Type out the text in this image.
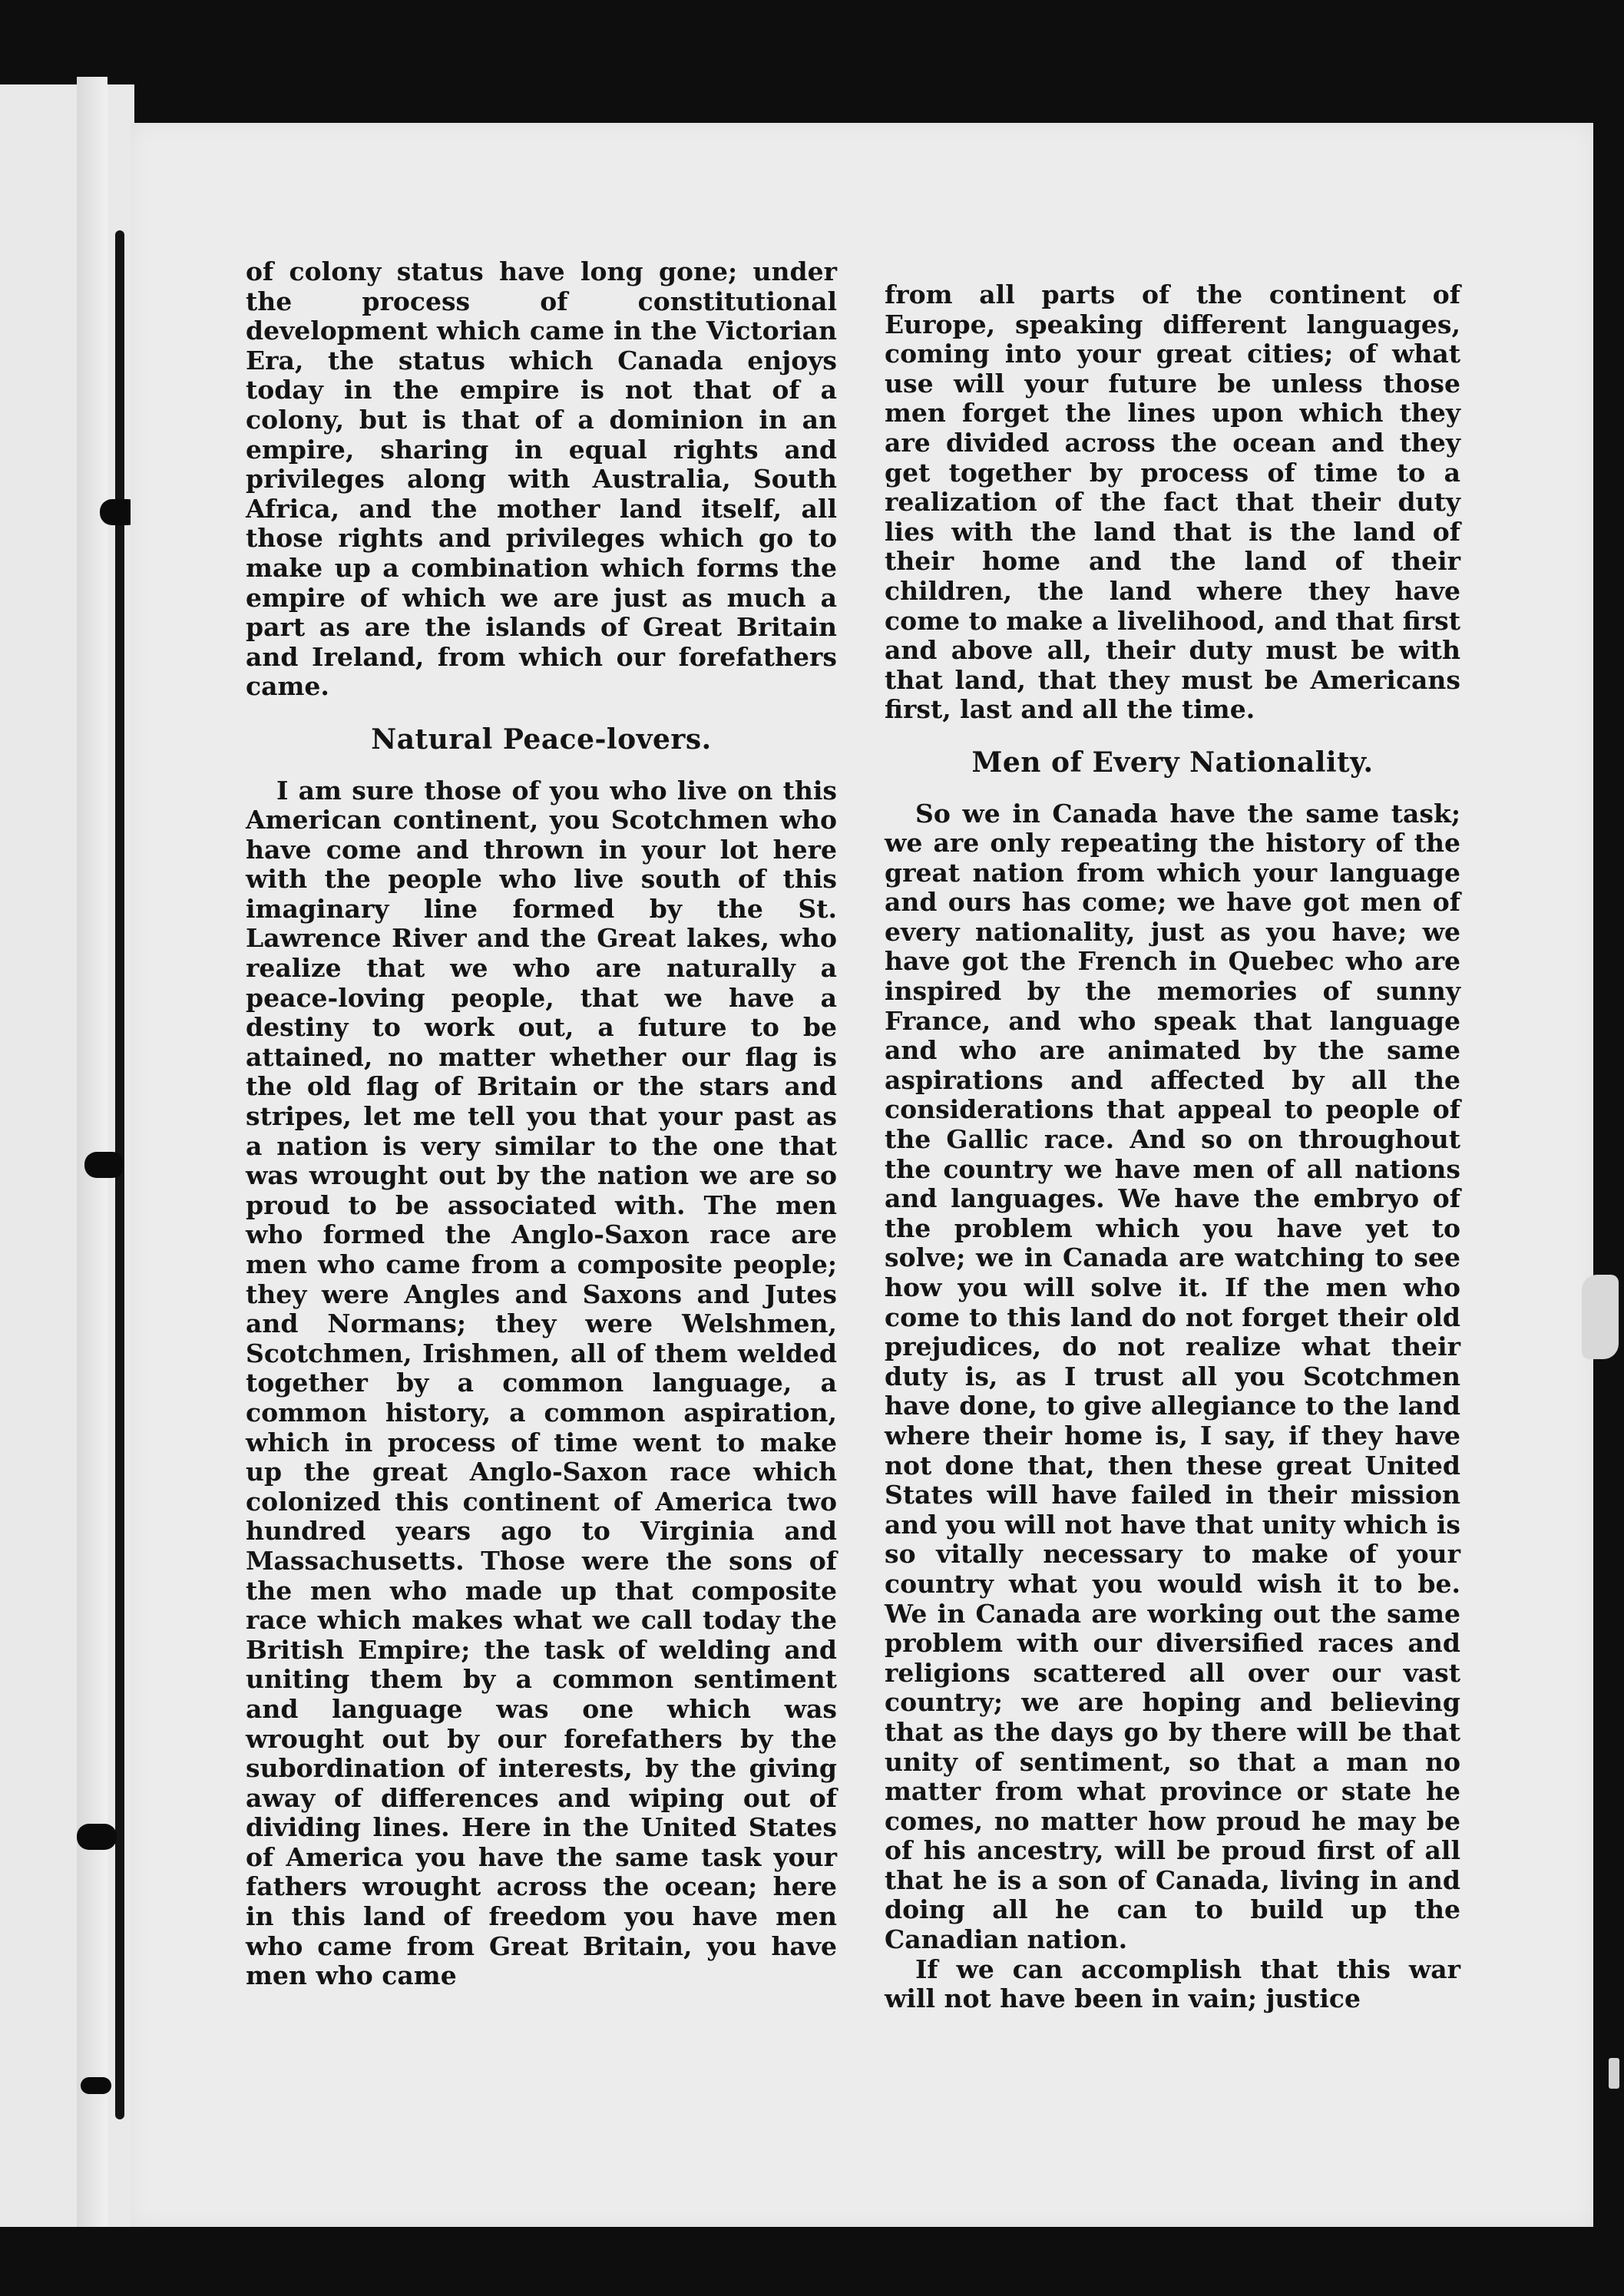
of colony status have long gone; under the process of constitutional development which came in the Victorian Era, the status which Canada enjoys today in the empire is not that of a colony, but is that of a dominion in an empire, sharing in equal rights and privileges along with Australia, South Africa, and the mother land itself, all those rights and privileges which go to make up a combination which forms the empire of which we are just as much a part as are the islands of Great Britain and Ireland, from which our forefathers came.

Natural Peace-lovers.

I am sure those of you who live on this American continent, you Scotchmen who have come and thrown in your lot here with the people who live south of this imaginary line formed by the St. Lawrence River and the Great lakes, who realize that we who are naturally a peace-loving people, that we have a destiny to work out, a future to be attained, no matter whether our flag is the old flag of Britain or the stars and stripes, let me tell you that your past as a nation is very similar to the one that was wrought out by the nation we are so proud to be associated with. The men who formed the Anglo-Saxon race are men who came from a composite people; they were Angles and Saxons and Jutes and Normans; they were Welshmen, Scotchmen, Irishmen, all of them welded together by a common language, a common history, a common aspiration, which in process of time went to make up the great Anglo-Saxon race which colonized this continent of America two hundred years ago to Virginia and Massachusetts. Those were the sons of the men who made up that composite race which makes what we call today the British Empire; the task of welding and uniting them by a common sentiment and language was one which was wrought out by our forefathers by the subordination of interests, by the giving away of differences and wiping out of dividing lines. Here in the United States of America you have the same task your fathers wrought across the ocean; here in this land of freedom you have men who came from Great Britain, you have men who came

from all parts of the continent of Europe, speaking different languages, coming into your great cities; of what use will your future be unless those men forget the lines upon which they are divided across the ocean and they get together by process of time to a realization of the fact that their duty lies with the land that is the land of their home and the land of their children, the land where they have come to make a livelihood, and that first and above all, their duty must be with that land, that they must be Americans first, last and all the time.

Men of Every Nationality.

So we in Canada have the same task; we are only repeating the history of the great nation from which your language and ours has come; we have got men of every nationality, just as you have; we have got the French in Quebec who are inspired by the memories of sunny France, and who speak that language and who are animated by the same aspirations and affected by all the considerations that appeal to people of the Gallic race. And so on throughout the country we have men of all nations and languages. We have the embryo of the problem which you have yet to solve; we in Canada are watching to see how you will solve it. If the men who come to this land do not forget their old prejudices, do not realize what their duty is, as I trust all you Scotchmen have done, to give allegiance to the land where their home is, I say, if they have not done that, then these great United States will have failed in their mission and you will not have that unity which is so vitally necessary to make of your country what you would wish it to be. We in Canada are working out the same problem with our diversified races and religions scattered all over our vast country; we are hoping and believing that as the days go by there will be that unity of sentiment, so that a man no matter from what province or state he comes, no matter how proud he may be of his ancestry, will be proud first of all that he is a son of Canada, living in and doing all he can to build up the Canadian nation.

If we can accomplish that this war will not have been in vain; justice
